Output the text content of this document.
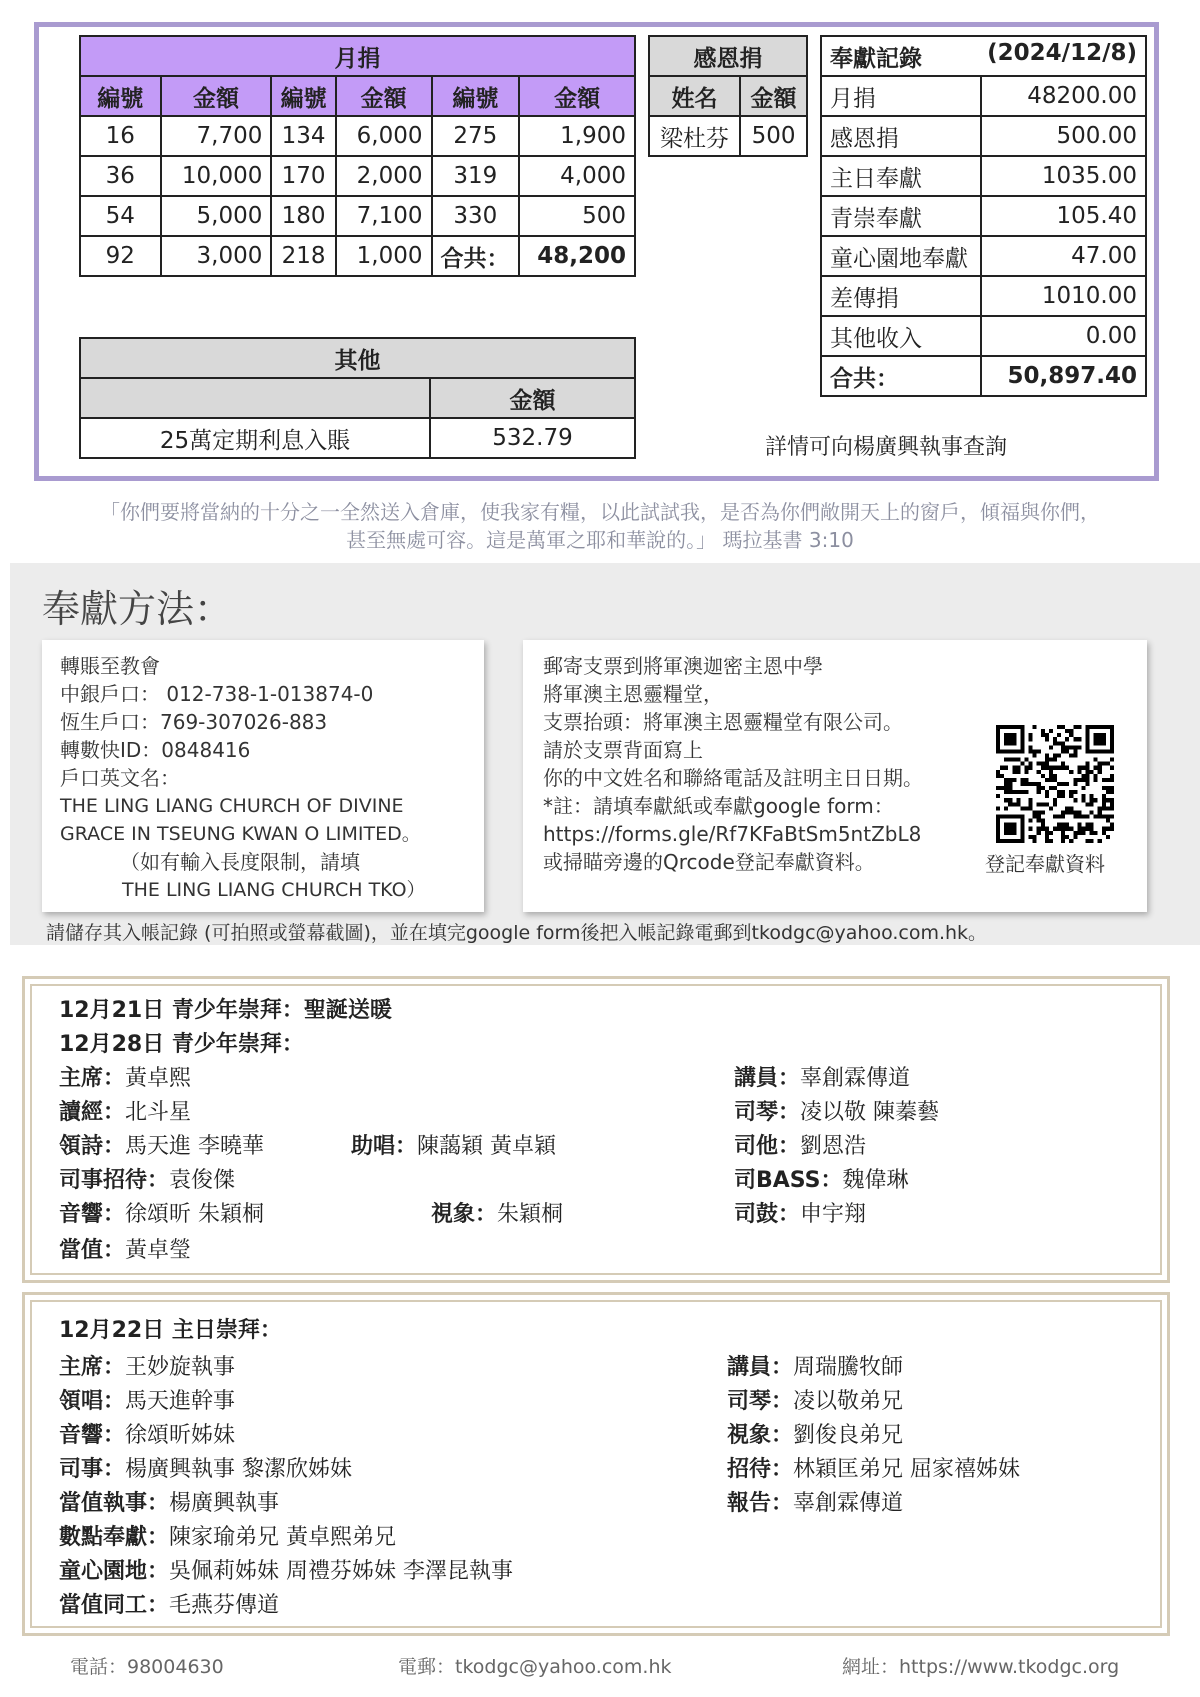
月捐					
編號	金額	編號	金額	編號	金額
16	7,700	134	6,000	275	1,900
36	10,000	170	2,000	319	4,000
54	5,000	180	7,100	330	500
92	3,000	218	1,000	合共：	48,200
感恩捐	
姓名	金額
梁杜芬	500
奉獻記錄 (2024/12/8)	

月捐	48200.00
感恩捐	500.00
主日奉獻	1035.00
青崇奉獻	105.40
童心園地奉獻	47.00
差傳捐	1010.00
其他收入	0.00
合共：	50,897.40
其他	
	金額
25萬定期利息入賬	532.79	詳情可向楊廣興執事查詢
「你們要將當納的十分之一全然送入倉庫，使我家有糧，以此試試我，是否為你們敞開天上的窗戶，傾福與你們，
甚至無處可容。這是萬軍之耶和華說的。」 瑪拉基書 3:10
奉獻方法：
轉賬至教會
中銀戶口： 012-738-1-013874-0
恆生戶口：769-307026-883
轉數快ID：0848416
戶口英文名：
THE LING LIANG CHURCH OF DIVINE
GRACE IN TSEUNG KWAN O LIMITED。
（如有輸入長度限制，請填
THE LING LIANG CHURCH TKO）
郵寄支票到將軍澳迦密主恩中學
將軍澳主恩靈糧堂，
支票抬頭：將軍澳主恩靈糧堂有限公司。
請於支票背面寫上
你的中文姓名和聯絡電話及註明主日日期。
*註：請填奉獻紙或奉獻google form：
https://forms.gle/Rf7KFaBtSm5ntZbL8
或掃瞄旁邊的Qrcode登記奉獻資料。	登記奉獻資料
請儲存其入帳記錄 (可拍照或螢幕截圖)，並在填完google form後把入帳記錄電郵到tkodgc@yahoo.com.hk。
12月21日 青少年崇拜：聖誕送暖
12月28日 青少年崇拜：
主席：黃卓熙
讀經：北斗星
領詩：馬天進 李曉華	助唱：陳藹穎 黃卓穎
司事招待：袁俊傑
音響：徐頌昕 朱穎桐	視象：朱穎桐
當值：黃卓瑩
講員：辜創霖傳道
司琴：凌以敬 陳蓁藝
司他：劉恩浩
司BASS：魏偉琳
司鼓：申宇翔
12月22日 主日崇拜：
主席：王妙旋執事
領唱：馬天進幹事
音響：徐頌昕姊妹
司事：楊廣興執事 黎潔欣姊妹
當值執事：楊廣興執事
數點奉獻：陳家瑜弟兄 黃卓熙弟兄
童心園地：吳佩莉姊妹 周禮芬姊妹 李澤昆執事
當值同工：毛燕芬傳道
講員：周瑞騰牧師
司琴：凌以敬弟兄
視象：劉俊良弟兄
招待：林穎匡弟兄 屈家禧姊妹
報告：辜創霖傳道
電話：98004630	電郵：tkodgc@yahoo.com.hk	網址：https://www.tkodgc.org
